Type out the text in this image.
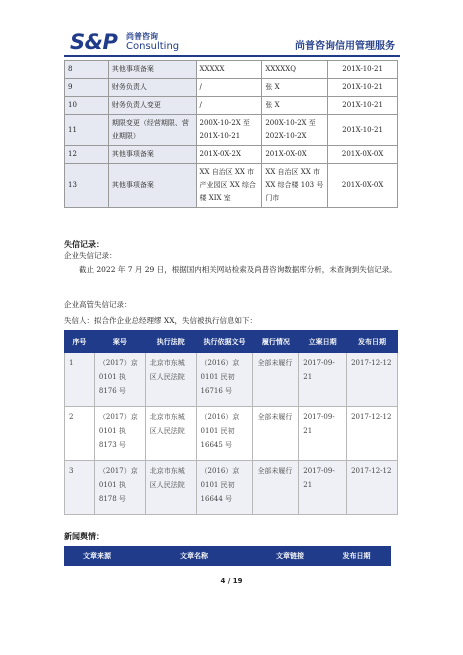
S&P 尚普咨询
Consulting	尚普咨询信用管理服务
8	其他事项备案	XXXXX	XXXXXQ	201X-10-21
9	财务负责人	/	张 X	201X-10-21
10	财务负责人变更	/	张 X	201X-10-21
11	期限变更（经营期限、营业期限）	200X-10-2X 至 201X-10-21	200X-10-2X 至 202X-10-2X	201X-10-21
12	其他事项备案	201X-0X-2X	201X-0X-0X	201X-0X-0X
13	其他事项备案	XX 自治区 XX 市产业园区 XX 综合楼 XIX 室	XX 自治区 XX 市 XX 综合楼 103 号门市	201X-0X-0X
失信记录：
企业失信记录：
截止 2022 年 7 月 29 日，根据国内相关网站检索及尚普咨询数据库分析，未查询到失信记录。
企业高管失信记录：
失信人：拟合作企业总经理缪 XX，失信被执行信息如下：
序号	案号	执行法院	执行依据文号	履行情况	立案日期	发布日期
1	（2017）京 0101 执 8176 号	北京市东城区人民法院	（2016）京 0101 民初 16716 号	全部未履行	2017-09-21	2017-12-12
2	（2017）京 0101 执 8173 号	北京市东城区人民法院	（2016）京 0101 民初 16645 号	全部未履行	2017-09-21	2017-12-12
3	（2017）京 0101 执 8178 号	北京市东城区人民法院	（2016）京 0101 民初 16644 号	全部未履行	2017-09-21	2017-12-12
新闻舆情：
文章来源	文章名称	文章链接	发布日期
4 / 19
